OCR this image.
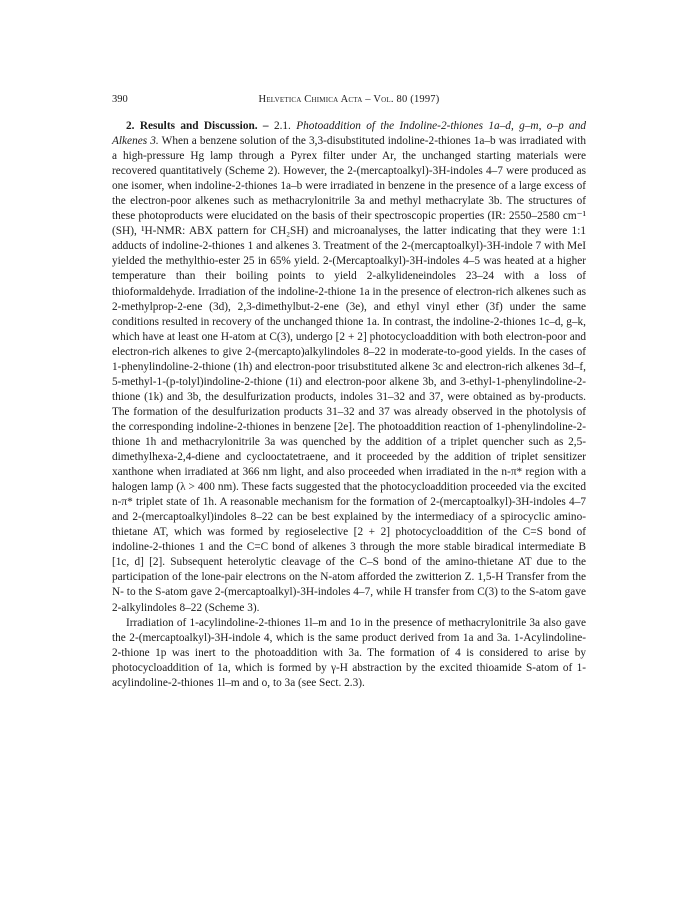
390	Helvetica Chimica Acta – Vol. 80 (1997)

2. Results and Discussion. – 2.1. Photoaddition of the Indoline-2-thiones 1a–d, g–m, o–p and Alkenes 3. When a benzene solution of the 3,3-disubstituted indoline-2-thiones 1a–b was irradiated with a high-pressure Hg lamp through a Pyrex filter under Ar, the unchanged starting materials were recovered quantitatively (Scheme 2). However, the 2-(mercaptoalkyl)-3H-indoles 4–7 were produced as one isomer, when indoline-2-thiones 1a–b were irradiated in benzene in the presence of a large excess of the electron-poor alkenes such as methacrylonitrile 3a and methyl methacrylate 3b. The structures of these photoproducts were elucidated on the basis of their spectroscopic properties (IR: 2550–2580 cm⁻¹ (SH), ¹H-NMR: ABX pattern for CH₂SH) and microanalyses, the latter indicating that they were 1:1 adducts of indoline-2-thiones 1 and alkenes 3. Treatment of the 2-(mercaptoalkyl)-3H-indole 7 with MeI yielded the methylthio-ester 25 in 65% yield. 2-(Mercaptoalkyl)-3H-indoles 4–5 was heated at a higher temperature than their boiling points to yield 2-alkylideneindoles 23–24 with a loss of thioformaldehyde. Irradiation of the indoline-2-thione 1a in the presence of electron-rich alkenes such as 2-methylprop-2-ene (3d), 2,3-dimethylbut-2-ene (3e), and ethyl vinyl ether (3f) under the same conditions resulted in recovery of the unchanged thione 1a. In contrast, the indoline-2-thiones 1c–d, g–k, which have at least one H-atom at C(3), undergo [2 + 2] photocycloaddition with both electron-poor and electron-rich alkenes to give 2-(mercapto)alkylindoles 8–22 in moderate-to-good yields. In the cases of 1-phenylindoline-2-thione (1h) and electron-poor trisubstituted alkene 3c and electron-rich alkenes 3d–f, 5-methyl-1-(p-tolyl)indoline-2-thione (1i) and electron-poor alkene 3b, and 3-ethyl-1-phenylindoline-2-thione (1k) and 3b, the desulfurization products, indoles 31–32 and 37, were obtained as by-products. The formation of the desulfurization products 31–32 and 37 was already observed in the photolysis of the corresponding indoline-2-thiones in benzene [2e]. The photoaddition reaction of 1-phenylindoline-2-thione 1h and methacrylonitrile 3a was quenched by the addition of a triplet quencher such as 2,5-dimethylhexa-2,4-diene and cyclooctatetraene, and it proceeded by the addition of triplet sensitizer xanthone when irradiated at 366 nm light, and also proceeded when irradiated in the n-π* region with a halogen lamp (λ > 400 nm). These facts suggested that the photocycloaddition proceeded via the excited n-π* triplet state of 1h. A reasonable mechanism for the formation of 2-(mercaptoalkyl)-3H-indoles 4–7 and 2-(mercaptoalkyl)indoles 8–22 can be best explained by the intermediacy of a spirocyclic amino-thietane AT, which was formed by regioselective [2 + 2] photocycloaddition of the C=S bond of indoline-2-thiones 1 and the C=C bond of alkenes 3 through the more stable biradical intermediate B [1c, d] [2]. Subsequent heterolytic cleavage of the C–S bond of the amino-thietane AT due to the participation of the lone-pair electrons on the N-atom afforded the zwitterion Z. 1,5-H Transfer from the N- to the S-atom gave 2-(mercaptoalkyl)-3H-indoles 4–7, while H transfer from C(3) to the S-atom gave 2-alkylindoles 8–22 (Scheme 3).

Irradiation of 1-acylindoline-2-thiones 1l–m and 1o in the presence of methacrylonitrile 3a also gave the 2-(mercaptoalkyl)-3H-indole 4, which is the same product derived from 1a and 3a. 1-Acylindoline-2-thione 1p was inert to the photoaddition with 3a. The formation of 4 is considered to arise by photocycloaddition of 1a, which is formed by γ-H abstraction by the excited thioamide S-atom of 1-acylindoline-2-thiones 1l–m and o, to 3a (see Sect. 2.3).
